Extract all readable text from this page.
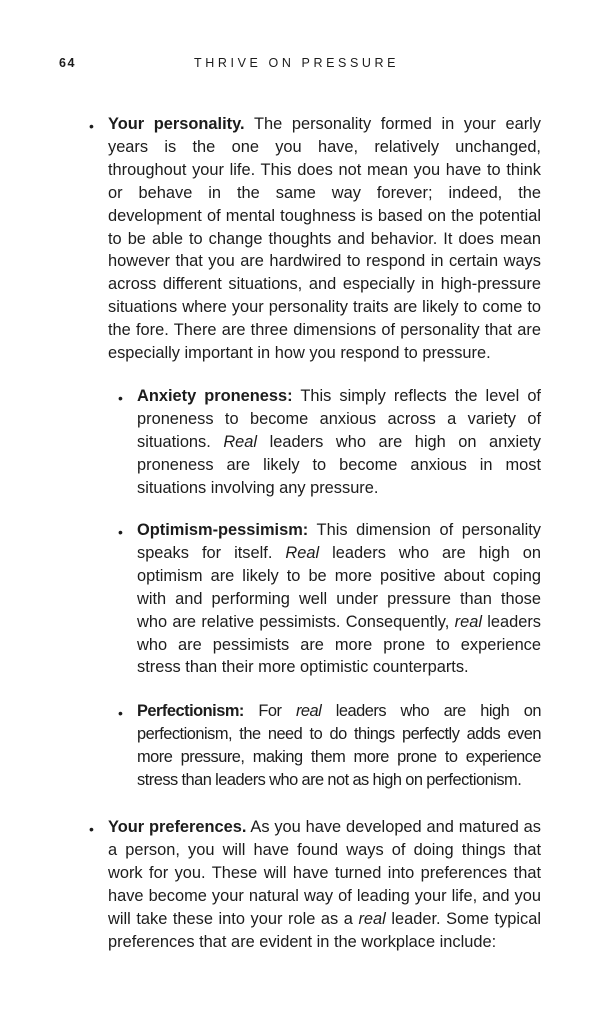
64	THRIVE ON PRESSURE
• Your personality. The personality formed in your early years is the one you have, relatively unchanged, throughout your life. This does not mean you have to think or behave in the same way forever; indeed, the development of mental toughness is based on the potential to be able to change thoughts and behavior. It does mean however that you are hardwired to respond in certain ways across different situations, and especially in high-pressure situations where your personality traits are likely to come to the fore. There are three dimensions of personality that are especially important in how you respond to pressure.

• Anxiety proneness: This simply reflects the level of proneness to become anxious across a variety of situations. Real leaders who are high on anxiety proneness are likely to become anxious in most situations involving any pressure.

• Optimism-pessimism: This dimension of personality speaks for itself. Real leaders who are high on optimism are likely to be more positive about coping with and performing well under pressure than those who are relative pessimists. Consequently, real leaders who are pessimists are more prone to experience stress than their more optimistic counterparts.

• Perfectionism: For real leaders who are high on perfectionism, the need to do things perfectly adds even more pressure, making them more prone to experience stress than leaders who are not as high on perfectionism.

• Your preferences. As you have developed and matured as a person, you will have found ways of doing things that work for you. These will have turned into preferences that have become your natural way of leading your life, and you will take these into your role as a real leader. Some typical preferences that are evident in the workplace include:
